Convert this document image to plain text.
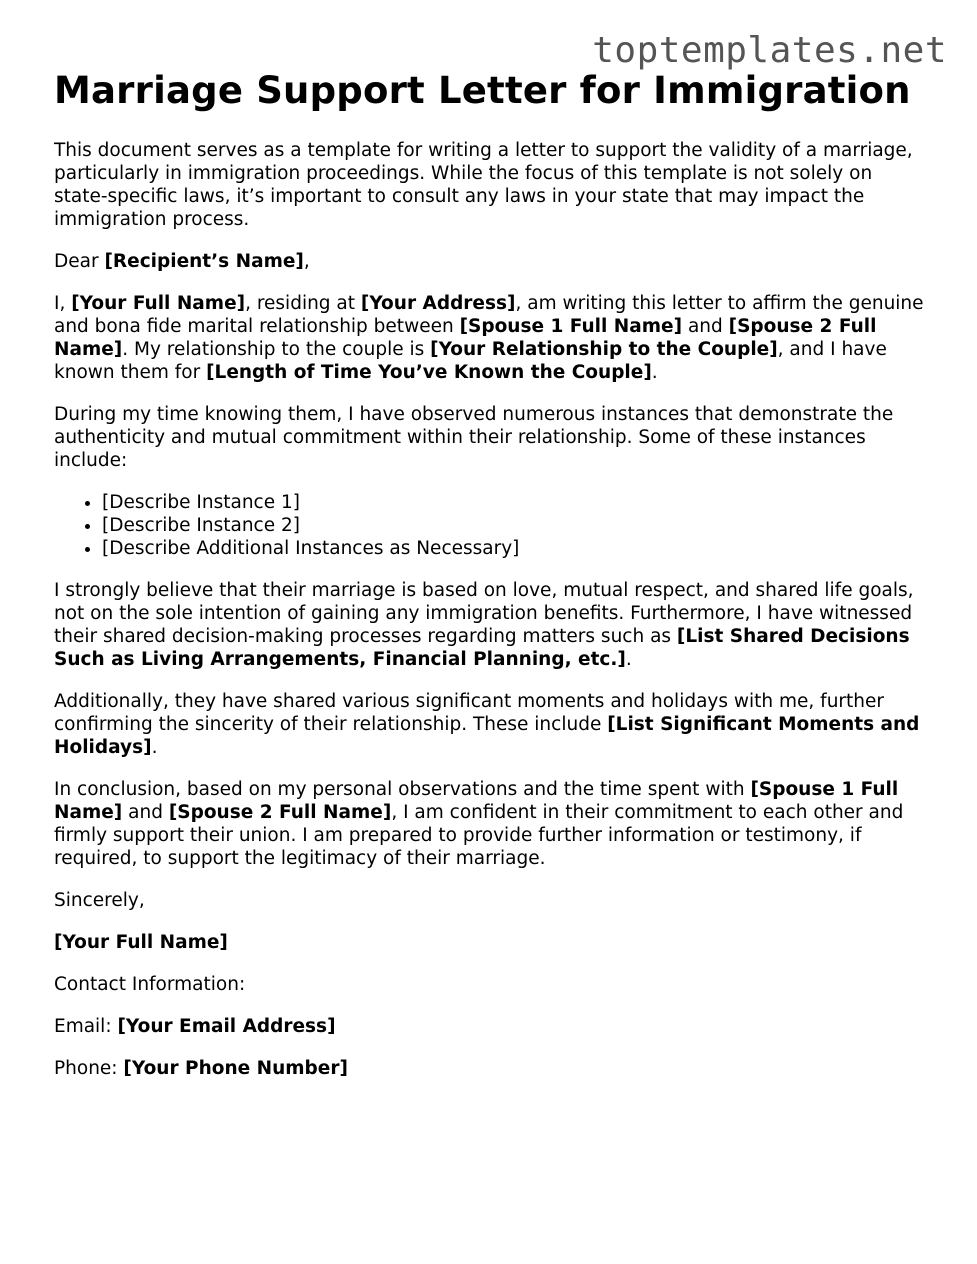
toptemplates.net
Marriage Support Letter for Immigration

This document serves as a template for writing a letter to support the validity of a marriage, particularly in immigration proceedings. While the focus of this template is not solely on state-specific laws, it’s important to consult any laws in your state that may impact the immigration process.

Dear [Recipient’s Name],

I, [Your Full Name], residing at [Your Address], am writing this letter to affirm the genuine and bona fide marital relationship between [Spouse 1 Full Name] and [Spouse 2 Full Name]. My relationship to the couple is [Your Relationship to the Couple], and I have known them for [Length of Time You’ve Known the Couple].

During my time knowing them, I have observed numerous instances that demonstrate the authenticity and mutual commitment within their relationship. Some of these instances include:

• [Describe Instance 1]
• [Describe Instance 2]
• [Describe Additional Instances as Necessary]

I strongly believe that their marriage is based on love, mutual respect, and shared life goals, not on the sole intention of gaining any immigration benefits. Furthermore, I have witnessed their shared decision-making processes regarding matters such as [List Shared Decisions Such as Living Arrangements, Financial Planning, etc.].

Additionally, they have shared various significant moments and holidays with me, further confirming the sincerity of their relationship. These include [List Significant Moments and Holidays].

In conclusion, based on my personal observations and the time spent with [Spouse 1 Full Name] and [Spouse 2 Full Name], I am confident in their commitment to each other and firmly support their union. I am prepared to provide further information or testimony, if required, to support the legitimacy of their marriage.

Sincerely,

[Your Full Name]

Contact Information:

Email: [Your Email Address]

Phone: [Your Phone Number]
